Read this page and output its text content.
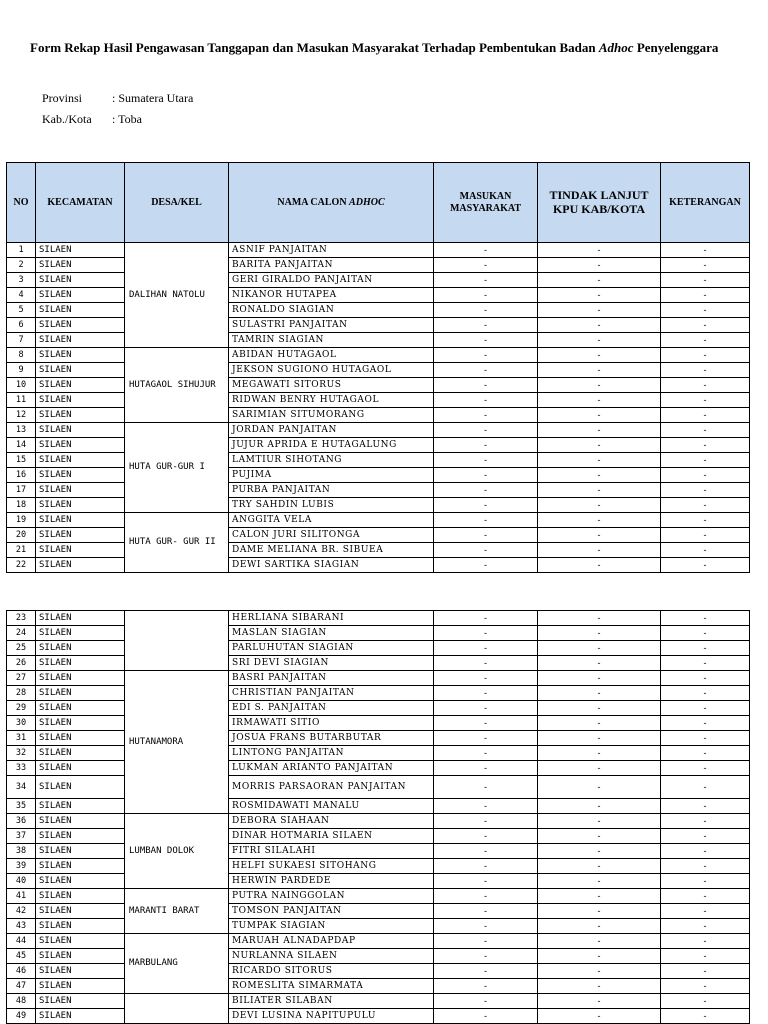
Form Rekap Hasil Pengawasan Tanggapan dan Masukan Masyarakat Terhadap Pembentukan Badan Adhoc Penyelenggara
Provinsi : Sumatera Utara
Kab./Kota : Toba
NO	KECAMATAN	DESA/KEL	NAMA CALON ADHOC	MASUKAN MASYARAKAT	TINDAK LANJUT KPU KAB/KOTA	KETERANGAN
1	SILAEN	DALIHAN NATOLU	ASNIF PANJAITAN	-	-	-
2	SILAEN		BARITA PANJAITAN	-	-	-
3	SILAEN		GERI GIRALDO PANJAITAN	-	-	-
4	SILAEN		NIKANOR HUTAPEA	-	-	-
5	SILAEN		RONALDO SIAGIAN	-	-	-
6	SILAEN		SULASTRI PANJAITAN	-	-	-
7	SILAEN		TAMRIN SIAGIAN	-	-	-
8	SILAEN	HUTAGAOL SIHUJUR	ABIDAN HUTAGAOL	-	-	-
9	SILAEN		JEKSON SUGIONO HUTAGAOL	-	-	-
10	SILAEN		MEGAWATI SITORUS	-	-	-
11	SILAEN		RIDWAN BENRY HUTAGAOL	-	-	-
12	SILAEN		SARIMIAN SITUMORANG	-	-	-
13	SILAEN	HUTA GUR-GUR I	JORDAN PANJAITAN	-	-	-
14	SILAEN		JUJUR APRIDA E HUTAGALUNG	-	-	-
15	SILAEN		LAMTIUR SIHOTANG	-	-	-
16	SILAEN		PUJIMA	-	-	-
17	SILAEN		PURBA PANJAITAN	-	-	-
18	SILAEN		TRY SAHDIN LUBIS	-	-	-
19	SILAEN	HUTA GUR- GUR II	ANGGITA VELA	-	-	-
20	SILAEN		CALON JURI SILITONGA	-	-	-
21	SILAEN		DAME MELIANA BR. SIBUEA	-	-	-
22	SILAEN		DEWI SARTIKA SIAGIAN	-	-	-
23	SILAEN		HERLIANA SIBARANI	-	-	-
24	SILAEN		MASLAN SIAGIAN	-	-	-
25	SILAEN		PARLUHUTAN SIAGIAN	-	-	-
26	SILAEN		SRI DEVI SIAGIAN	-	-	-
27	SILAEN	HUTANAMORA	BASRI PANJAITAN	-	-	-
28	SILAEN		CHRISTIAN PANJAITAN	-	-	-
29	SILAEN		EDI S. PANJAITAN	-	-	-
30	SILAEN		IRMAWATI SITIO	-	-	-
31	SILAEN		JOSUA FRANS BUTARBUTAR	-	-	-
32	SILAEN		LINTONG PANJAITAN	-	-	-
33	SILAEN		LUKMAN ARIANTO PANJAITAN	-	-	-
34	SILAEN		MORRIS PARSAORAN PANJAITAN	-	-	-
35	SILAEN		ROSMIDAWATI MANALU	-	-	-
36	SILAEN	LUMBAN DOLOK	DEBORA SIAHAAN	-	-	-
37	SILAEN		DINAR HOTMARIA SILAEN	-	-	-
38	SILAEN		FITRI SILALAHI	-	-	-
39	SILAEN		HELFI SUKAESI SITOHANG	-	-	-
40	SILAEN		HERWIN PARDEDE	-	-	-
41	SILAEN	MARANTI BARAT	PUTRA NAINGGOLAN	-	-	-
42	SILAEN		TOMSON PANJAITAN	-	-	-
43	SILAEN		TUMPAK SIAGIAN	-	-	-
44	SILAEN	MARBULANG	MARUAH ALNADAPDAP	-	-	-
45	SILAEN		NURLANNA SILAEN	-	-	-
46	SILAEN		RICARDO SITORUS	-	-	-
47	SILAEN		ROMESLITA SIMARMATA	-	-	-
48	SILAEN		BILIATER SILABAN	-	-	-
49	SILAEN		DEVI LUSINA NAPITUPULU	-	-	-
